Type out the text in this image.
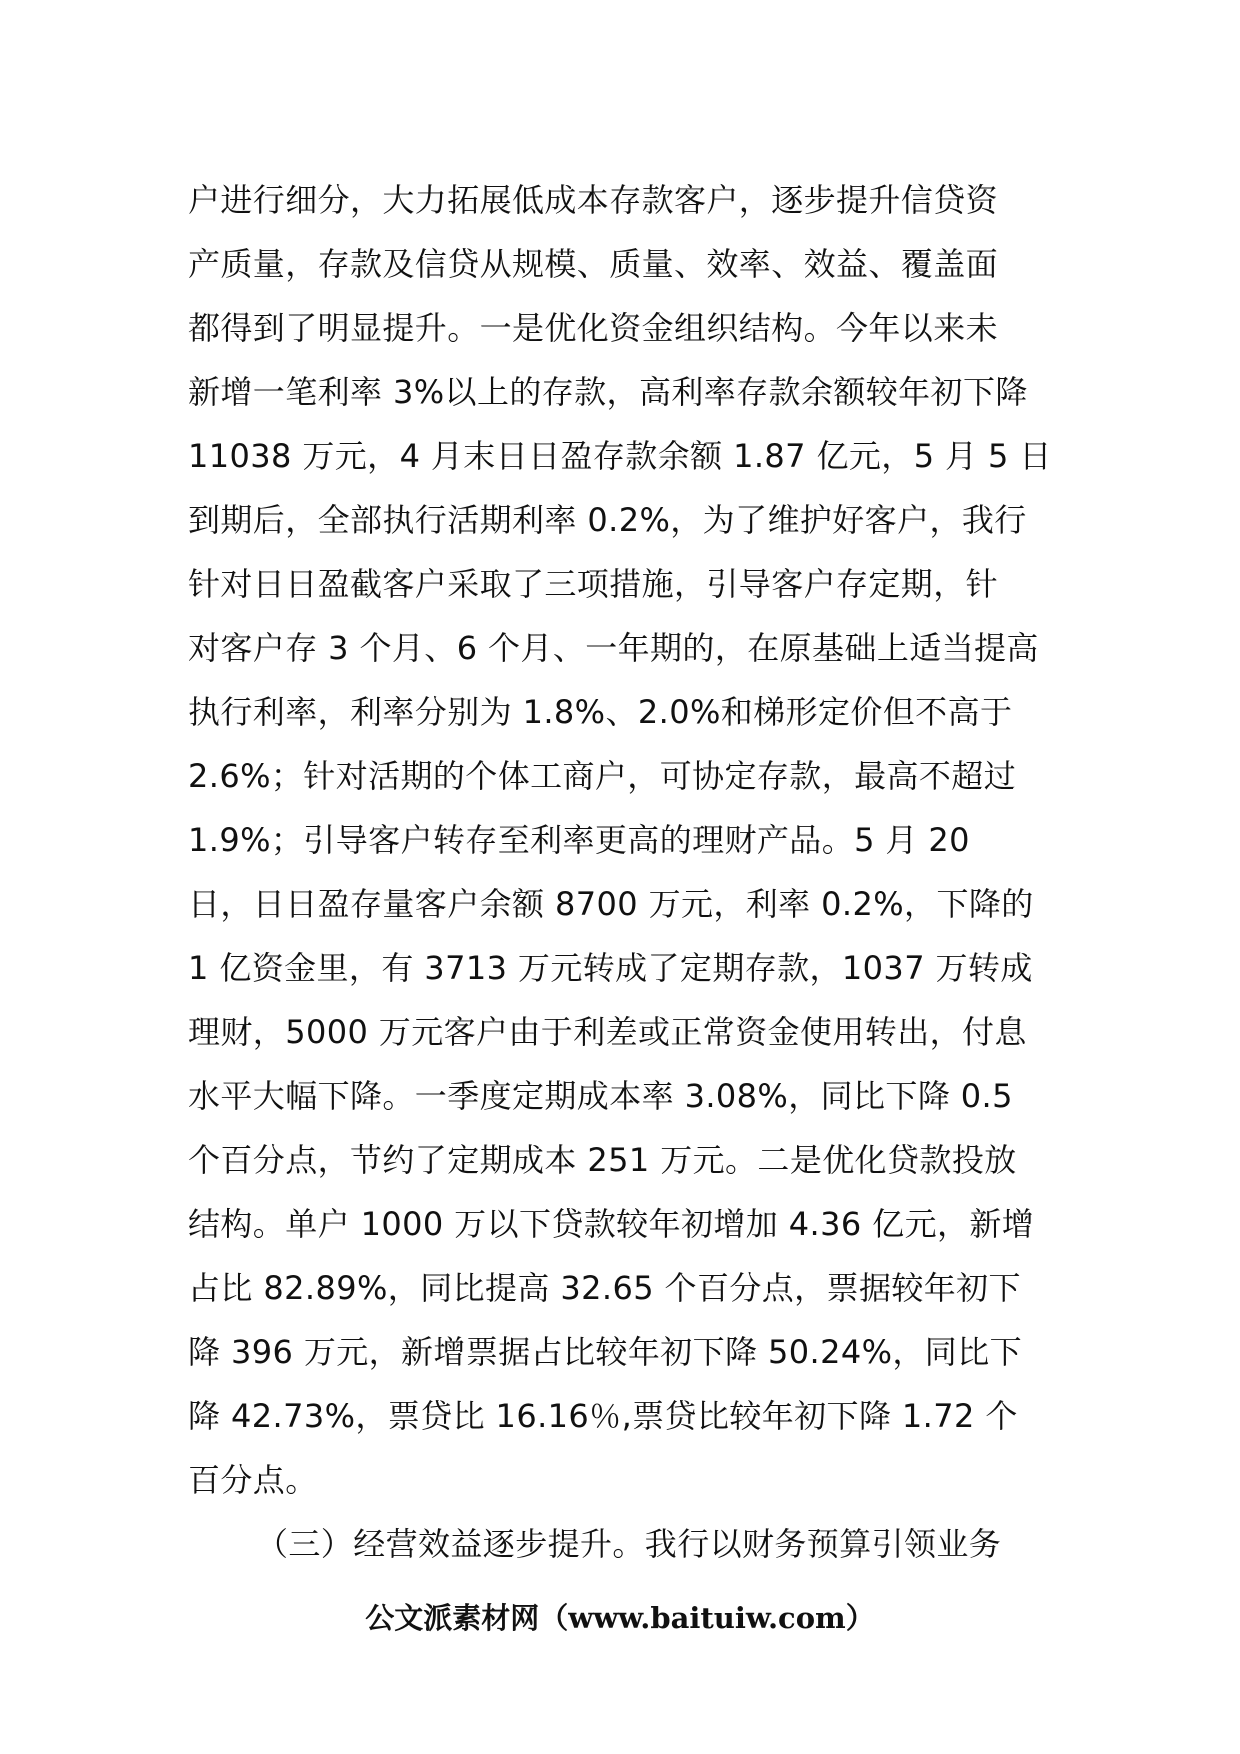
户进行细分，大力拓展低成本存款客户，逐步提升信贷资
产质量，存款及信贷从规模、质量、效率、效益、覆盖面
都得到了明显提升。一是优化资金组织结构。今年以来未
新增一笔利率 3%以上的存款，高利率存款余额较年初下降
11038 万元，4 月末日日盈存款余额 1.87 亿元，5 月 5 日
到期后，全部执行活期利率 0.2%，为了维护好客户，我行
针对日日盈截客户采取了三项措施，引导客户存定期，针
对客户存 3 个月、6 个月、一年期的，在原基础上适当提高
执行利率，利率分别为 1.8%、2.0%和梯形定价但不高于
2.6%；针对活期的个体工商户，可协定存款，最高不超过
1.9%；引导客户转存至利率更高的理财产品。5 月 20
日，日日盈存量客户余额 8700 万元，利率 0.2%，下降的
1 亿资金里，有 3713 万元转成了定期存款，1037 万转成
理财，5000 万元客户由于利差或正常资金使用转出，付息
水平大幅下降。一季度定期成本率 3.08%，同比下降 0.5
个百分点，节约了定期成本 251 万元。二是优化贷款投放
结构。单户 1000 万以下贷款较年初增加 4.36 亿元，新增
占比 82.89%，同比提高 32.65 个百分点，票据较年初下
降 396 万元，新增票据占比较年初下降 50.24%，同比下
降 42.73%，票贷比 16.16％,票贷比较年初下降 1.72 个
百分点。
（三）经营效益逐步提升。我行以财务预算引领业务
公文派素材网（www.baituiw.com）
